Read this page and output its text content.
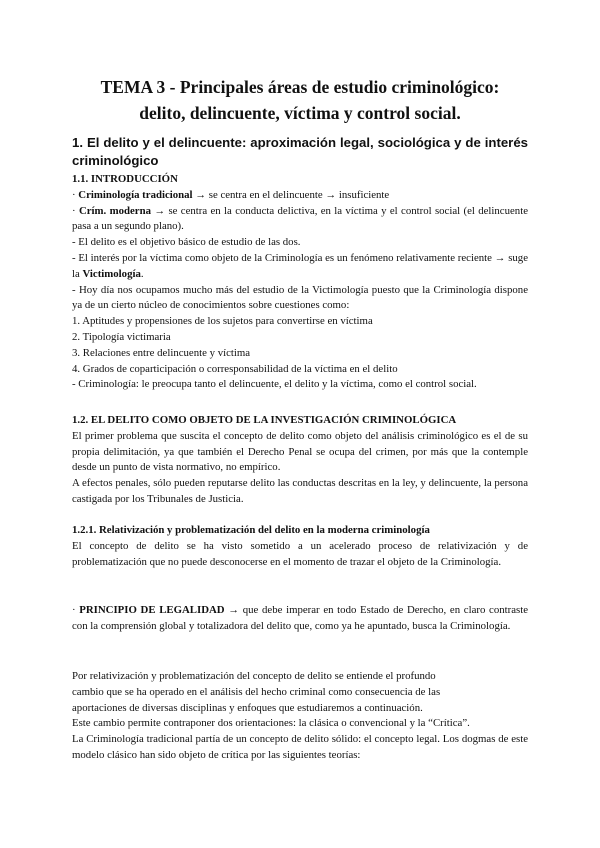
TEMA 3 - Principales áreas de estudio criminológico:
delito, delincuente, víctima y control social.
1. El delito y el delincuente: aproximación legal, sociológica y de interés criminológico

1.1. INTRODUCCIÓN

· Criminología tradicional → se centra en el delincuente → insuficiente

· Crím. moderna → se centra en la conducta delictiva, en la víctima y el control social (el delincuente pasa a un segundo plano).

- El delito es el objetivo básico de estudio de las dos.

- El interés por la víctima como objeto de la Criminología es un fenómeno relativamente reciente → suge la Victimología.

- Hoy día nos ocupamos mucho más del estudio de la Victimología puesto que la Criminología dispone ya de un cierto núcleo de conocimientos sobre cuestiones como:

1. Aptitudes y propensiones de los sujetos para convertirse en víctima

2. Tipología victimaria

3. Relaciones entre delincuente y víctima

4. Grados de coparticipación o corresponsabilidad de la víctima en el delito

- Criminología: le preocupa tanto el delincuente, el delito y la víctima, como el control social.

1.2. EL DELITO COMO OBJETO DE LA INVESTIGACIÓN CRIMINOLÓGICA

El primer problema que suscita el concepto de delito como objeto del análisis criminológico es el de su propia delimitación, ya que también el Derecho Penal se ocupa del crimen, por más que la contemple desde un punto de vista normativo, no empírico.

A efectos penales, sólo pueden reputarse delito las conductas descritas en la ley, y delincuente, la persona castigada por los Tribunales de Justicia.

1.2.1. Relativización y problematización del delito en la moderna criminología

El concepto de delito se ha visto sometido a un acelerado proceso de relativización y de problematización que no puede desconocerse en el momento de trazar el objeto de la Criminología.

· PRINCIPIO DE LEGALIDAD → que debe imperar en todo Estado de Derecho, en claro contraste con la comprensión global y totalizadora del delito que, como ya he apuntado, busca la Criminología.

Por relativización y problematización del concepto de delito se entiende el profundo

cambio que se ha operado en el análisis del hecho criminal como consecuencia de las

aportaciones de diversas disciplinas y enfoques que estudiaremos a continuación.

Este cambio permite contraponer dos orientaciones: la clásica o convencional y la “Crítica”.

La Criminología tradicional partía de un concepto de delito sólido: el concepto legal. Los dogmas de este modelo clásico han sido objeto de crítica por las siguientes teorías:
